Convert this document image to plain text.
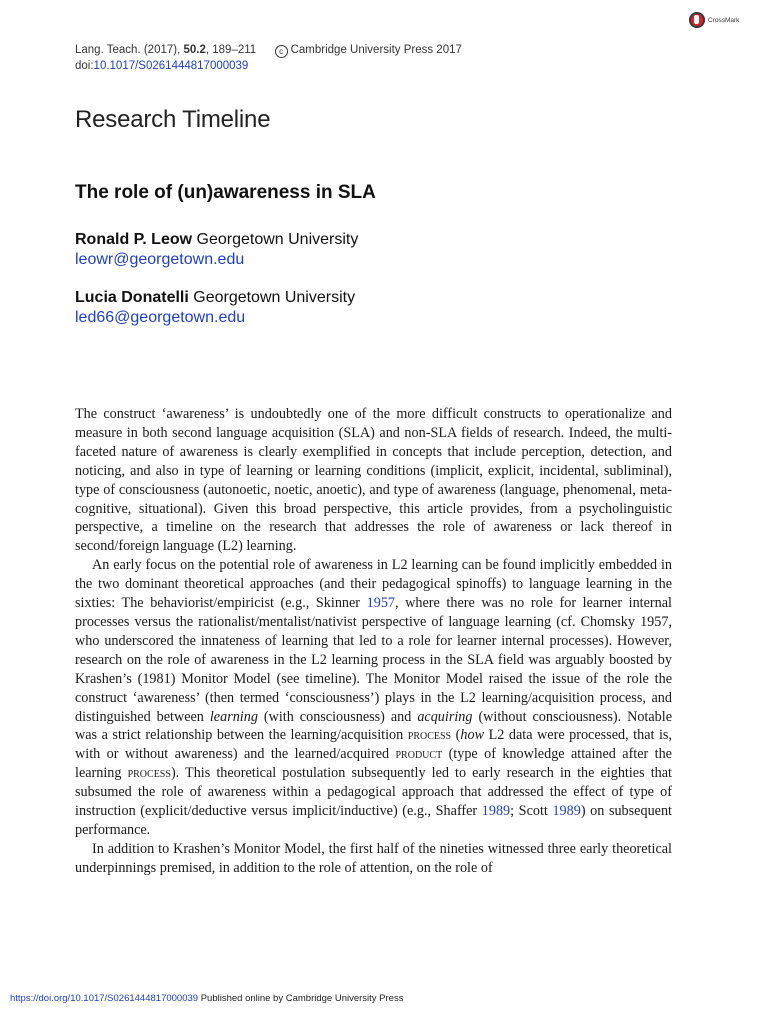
CrossMark
Lang. Teach. (2017), 50.2, 189–211	c Cambridge University Press 2017
doi:10.1017/S0261444817000039
Research Timeline
The role of (un)awareness in SLA
Ronald P. Leow Georgetown University
leowr@georgetown.edu
Lucia Donatelli Georgetown University
led66@georgetown.edu

The construct ‘awareness’ is undoubtedly one of the more difficult constructs to operationalize and measure in both second language acquisition (SLA) and non-SLA fields of research. Indeed, the multi-faceted nature of awareness is clearly exemplified in concepts that include perception, detection, and noticing, and also in type of learning or learning conditions (implicit, explicit, incidental, subliminal), type of consciousness (autonoetic, noetic, anoetic), and type of awareness (language, phenomenal, meta-cognitive, situational). Given this broad perspective, this article provides, from a psycholinguistic perspective, a timeline on the research that addresses the role of awareness or lack thereof in second/foreign language (L2) learning.

An early focus on the potential role of awareness in L2 learning can be found implicitly embedded in the two dominant theoretical approaches (and their pedagogical spinoffs) to language learning in the sixties: The behaviorist/empiricist (e.g., Skinner 1957, where there was no role for learner internal processes versus the rationalist/mentalist/nativist perspective of language learning (cf. Chomsky 1957, who underscored the innateness of learning that led to a role for learner internal processes). However, research on the role of awareness in the L2 learning process in the SLA field was arguably boosted by Krashen’s (1981) Monitor Model (see timeline). The Monitor Model raised the issue of the role the construct ‘awareness’ (then termed ‘consciousness’) plays in the L2 learning/acquisition process, and distinguished between learning (with consciousness) and acquiring (without consciousness). Notable was a strict relationship between the learning/acquisition process (how L2 data were processed, that is, with or without awareness) and the learned/acquired product (type of knowledge attained after the learning process). This theoretical postulation subsequently led to early research in the eighties that subsumed the role of awareness within a pedagogical approach that addressed the effect of type of instruction (explicit/deductive versus implicit/inductive) (e.g., Shaffer 1989; Scott 1989) on subsequent performance.

In addition to Krashen’s Monitor Model, the first half of the nineties witnessed three early theoretical underpinnings premised, in addition to the role of attention, on the role of

https://doi.org/10.1017/S0261444817000039 Published online by Cambridge University Press
